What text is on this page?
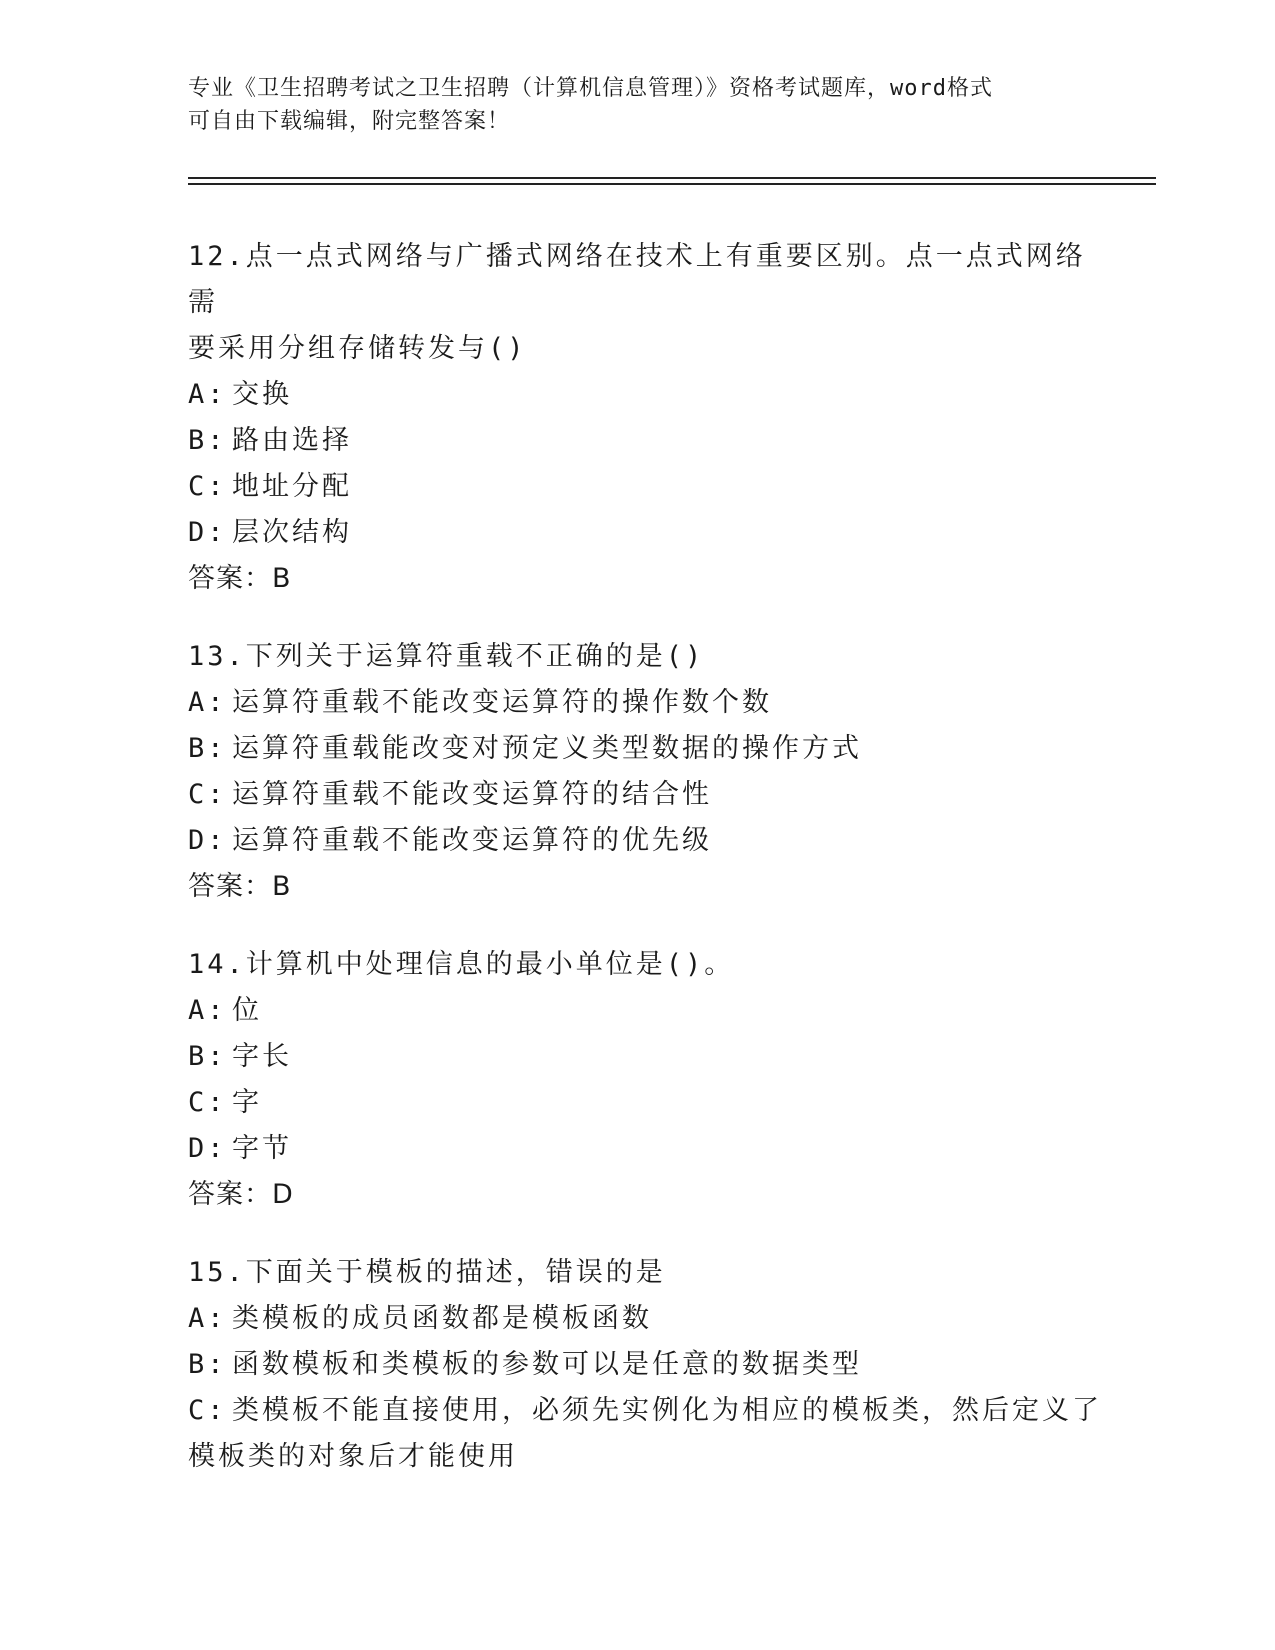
专业《卫生招聘考试之卫生招聘（计算机信息管理）》资格考试题库，word格式
可自由下载编辑，附完整答案！

12.点一点式网络与广播式网络在技术上有重要区别。点一点式网络需
要采用分组存储转发与()

A: 交换

B: 路由选择

C: 地址分配

D: 层次结构

答案：B

13.下列关于运算符重载不正确的是()

A: 运算符重载不能改变运算符的操作数个数

B: 运算符重载能改变对预定义类型数据的操作方式

C: 运算符重载不能改变运算符的结合性

D: 运算符重载不能改变运算符的优先级

答案：B

14.计算机中处理信息的最小单位是()。

A: 位

B: 字长

C: 字

D: 字节

答案：D

15.下面关于模板的描述，错误的是

A: 类模板的成员函数都是模板函数

B: 函数模板和类模板的参数可以是任意的数据类型

C: 类模板不能直接使用，必须先实例化为相应的模板类，然后定义了
模板类的对象后才能使用
